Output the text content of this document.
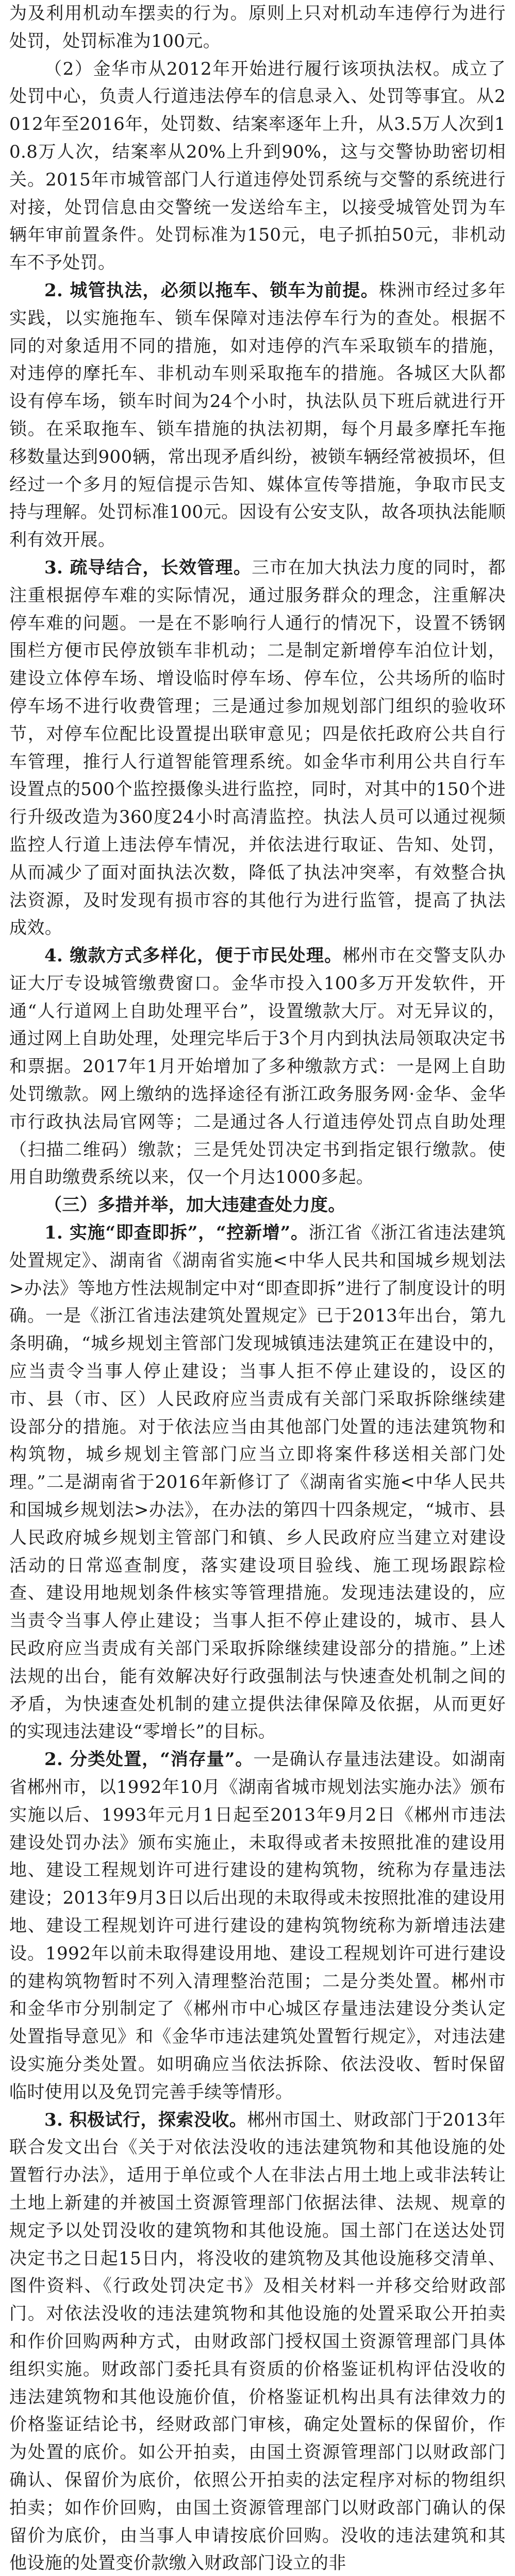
为及利用机动车摆卖的行为。原则上只对机动车违停行为进行处罚，处罚标准为100元。

（2）金华市从2012年开始进行履行该项执法权。成立了处罚中心，负责人行道违法停车的信息录入、处罚等事宜。从2012年至2016年，处罚数、结案率逐年上升，从3.5万人次到10.8万人次，结案率从20%上升到90%，这与交警协助密切相关。2015年市城管部门人行道违停处罚系统与交警的系统进行对接，处罚信息由交警统一发送给车主，以接受城管处罚为车辆年审前置条件。处罚标准为150元，电子抓拍50元，非机动车不予处罚。

2. 城管执法，必须以拖车、锁车为前提。株洲市经过多年实践，以实施拖车、锁车保障对违法停车行为的查处。根据不同的对象适用不同的措施，如对违停的汽车采取锁车的措施，对违停的摩托车、非机动车则采取拖车的措施。各城区大队都设有停车场，锁车时间为24个小时，执法队员下班后就进行开锁。在采取拖车、锁车措施的执法初期，每个月最多摩托车拖移数量达到900辆，常出现矛盾纠纷，被锁车辆经常被损坏，但经过一个多月的短信提示告知、媒体宣传等措施，争取市民支持与理解。处罚标准100元。因设有公安支队，故各项执法能顺利有效开展。

3. 疏导结合，长效管理。三市在加大执法力度的同时，都注重根据停车难的实际情况，通过服务群众的理念，注重解决停车难的问题。一是在不影响行人通行的情况下，设置不锈钢围栏方便市民停放锁车非机动；二是制定新增停车泊位计划，建设立体停车场、增设临时停车场、停车位，公共场所的临时停车场不进行收费管理；三是通过参加规划部门组织的验收环节，对停车位配比设置提出联审意见；四是依托政府公共自行车管理，推行人行道智能管理系统。如金华市利用公共自行车设置点的500个监控摄像头进行监控，同时，对其中的150个进行升级改造为360度24小时高清监控。执法人员可以通过视频监控人行道上违法停车情况，并依法进行取证、告知、处罚，从而减少了面对面执法次数，降低了执法冲突率，有效整合执法资源，及时发现有损市容的其他行为进行监管，提高了执法成效。

4. 缴款方式多样化，便于市民处理。郴州市在交警支队办证大厅专设城管缴费窗口。金华市投入100多万开发软件，开通“人行道网上自助处理平台”，设置缴款大厅。对无异议的，通过网上自助处理，处理完毕后于3个月内到执法局领取决定书和票据。2017年1月开始增加了多种缴款方式：一是网上自助处罚缴款。网上缴纳的选择途径有浙江政务服务网·金华、金华市行政执法局官网等；二是通过各人行道违停处罚点自助处理（扫描二维码）缴款；三是凭处罚决定书到指定银行缴款。使用自助缴费系统以来，仅一个月达1000多起。

（三）多措并举，加大违建查处力度。

1. 实施“即查即拆”，“控新增”。浙江省《浙江省违法建筑处置规定》、湖南省《湖南省实施<中华人民共和国城乡规划法>办法》等地方性法规制定中对“即查即拆”进行了制度设计的明确。一是《浙江省违法建筑处置规定》已于2013年出台，第九条明确，“城乡规划主管部门发现城镇违法建筑正在建设中的，应当责令当事人停止建设；当事人拒不停止建设的，设区的市、县（市、区）人民政府应当责成有关部门采取拆除继续建设部分的措施。对于依法应当由其他部门处置的违法建筑物和构筑物，城乡规划主管部门应当立即将案件移送相关部门处理。”二是湖南省于2016年新修订了《湖南省实施<中华人民共和国城乡规划法>办法》，在办法的第四十四条规定，“城市、县人民政府城乡规划主管部门和镇、乡人民政府应当建立对建设活动的日常巡查制度，落实建设项目验线、施工现场跟踪检查、建设用地规划条件核实等管理措施。发现违法建设的，应当责令当事人停止建设；当事人拒不停止建设的，城市、县人民政府应当责成有关部门采取拆除继续建设部分的措施。”上述法规的出台，能有效解决好行政强制法与快速查处机制之间的矛盾，为快速查处机制的建立提供法律保障及依据，从而更好的实现违法建设“零增长”的目标。

2. 分类处置，“消存量”。一是确认存量违法建设。如湖南省郴州市，以1992年10月《湖南省城市规划法实施办法》颁布实施以后、1993年元月1日起至2013年9月2日《郴州市违法建设处罚办法》颁布实施止，未取得或者未按照批准的建设用地、建设工程规划许可进行建设的建构筑物，统称为存量违法建设；2013年9月3日以后出现的未取得或未按照批准的建设用地、建设工程规划许可进行建设的建构筑物统称为新增违法建设。1992年以前未取得建设用地、建设工程规划许可进行建设的建构筑物暂时不列入清理整治范围；二是分类处置。郴州市和金华市分别制定了《郴州市中心城区存量违法建设分类认定处置指导意见》和《金华市违法建筑处置暂行规定》，对违法建设实施分类处置。如明确应当依法拆除、依法没收、暂时保留临时使用以及免罚完善手续等情形。

3. 积极试行，探索没收。郴州市国土、财政部门于2013年联合发文出台《关于对依法没收的违法建筑物和其他设施的处置暂行办法》，适用于单位或个人在非法占用土地上或非法转让土地上新建的并被国土资源管理部门依据法律、法规、规章的规定予以处罚没收的建筑物和其他设施。国土部门在送达处罚决定书之日起15日内，将没收的建筑物及其他设施移交清单、图件资料、《行政处罚决定书》及相关材料一并移交给财政部门。对依法没收的违法建筑物和其他设施的处置采取公开拍卖和作价回购两种方式，由财政部门授权国土资源管理部门具体组织实施。财政部门委托具有资质的价格鉴证机构评估没收的违法建筑物和其他设施价值，价格鉴证机构出具有法律效力的价格鉴证结论书，经财政部门审核，确定处置标的保留价，作为处置的底价。如公开拍卖，由国土资源管理部门以财政部门确认、保留价为底价，依照公开拍卖的法定程序对标的物组织拍卖；如作价回购，由国土资源管理部门以财政部门确认的保留价为底价，由当事人申请按底价回购。没收的违法建筑和其他设施的处置变价款缴入财政部门设立的非
